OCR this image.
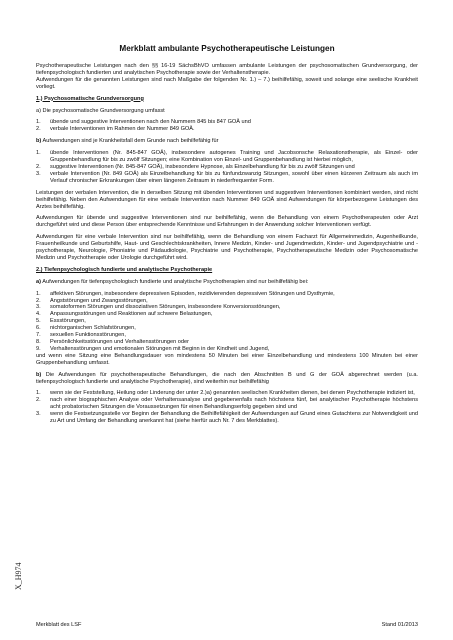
X_H974
Merkblatt ambulante Psychotherapeutische Leistungen

Psychotherapeutische Leistungen nach den §§ 16-19 SächsBhVO umfassen ambulante Leistungen der psychosomatischen Grundversorgung, der tiefenpsychologisch fundierten und analytischen Psychotherapie sowie der Verhaltenstherapie.

Aufwendungen für die genannten Leistungen sind nach Maßgabe der folgenden Nr. 1.) – 7.) beihilfefähig, soweit und solange eine seelische Krankheit vorliegt.

1.) Psychosomatische Grundversorgung

a) Die psychosomatische Grundversorgung umfasst

1.	übende und suggestive Interventionen nach den Nummern 845 bis 847 GOÄ und
2.	verbale Interventionen im Rahmen der Nummer 849 GOÄ.

b) Aufwendungen sind je Krankheitsfall dem Grunde nach beihilfefähig für

1.	übende Interventionen (Nr. 845-847 GOÄ), insbesondere autogenes Training und Jacobsonsche Relaxationstherapie, als Einzel- oder Gruppenbehandlung für bis zu zwölf Sitzungen; eine Kombination von Einzel- und Gruppenbehandlung ist hierbei möglich,
2.	suggestive Interventionen (Nr. 845-847 GOÄ), insbesondere Hypnose, als Einzelbehandlung für bis zu zwölf Sitzungen und
3.	verbale Intervention (Nr. 849 GOÄ) als Einzelbehandlung für bis zu fünfundzwanzig Sitzungen, sowohl über einen kürzeren Zeitraum als auch im Verlauf chronischer Erkrankungen über einen längeren Zeitraum in niederfrequenter Form.

Leistungen der verbalen Intervention, die in derselben Sitzung mit übenden Interventionen und suggestiven Interventionen kombiniert werden, sind nicht beihilfefähig. Neben den Aufwendungen für eine verbale Intervention nach Nummer 849 GOÄ sind Aufwendungen für körperbezogene Leistungen des Arztes beihilfefähig.

Aufwendungen für übende und suggestive Interventionen sind nur beihilfefähig, wenn die Behandlung von einem Psychotherapeuten oder Arzt durchgeführt wird und diese Person über entsprechende Kenntnisse und Erfahrungen in der Anwendung solcher Interventionen verfügt.

Aufwendungen für eine verbale Intervention sind nur beihilfefähig, wenn die Behandlung von einem Facharzt für Allgemeinmedizin, Augenheilkunde, Frauenheilkunde und Geburtshilfe, Haut- und Geschlechtskrankheiten, Innere Medizin, Kinder- und Jugendmedizin, Kinder- und Jugendpsychiatrie und -psychotherapie, Neurologie, Phoniatrie und Pädaudiologie, Psychiatrie und Psychotherapie, Psychotherapeutische Medizin oder Psychosomatische Medizin und Psychotherapie oder Urologie durchgeführt wird.

2.) Tiefenpsychologisch fundierte und analytische Psychotherapie

a) Aufwendungen für tiefenpsychologisch fundierte und analytische Psychotherapien sind nur beihilfefähig bei:

1.	affektiven Störungen, insbesondere depressiven Episoden, rezidivierenden depressiven Störungen und Dysthymie,
2.	Angststörungen und Zwangsstörungen,
3.	somatoformen Störungen und dissoziativen Störungen, insbesondere Konversionsstörungen,
4.	Anpassungsstörungen und Reaktionen auf schwere Belastungen,
5.	Essstörungen,
6.	nichtorganischen Schlafstörungen,
7.	sexuellen Funktionsstörungen,
8.	Persönlichkeitsstörungen und Verhaltensstörungen oder
9.	Verhaltensstörungen und emotionalen Störungen mit Beginn in der Kindheit und Jugend,

und wenn eine Sitzung eine Behandlungsdauer von mindestens 50 Minuten bei einer Einzelbehandlung und mindestens 100 Minuten bei einer Gruppenbehandlung umfasst.

b) Die Aufwendungen für psychotherapeutische Behandlungen, die nach den Abschnitten B und G der GOÄ abgerechnet werden (u.a. tiefenpsychologisch fundierte und analytische Psychotherapie), sind weiterhin nur beihilfefähig

1.	wenn sie der Feststellung, Heilung oder Linderung der unter 2.)a) genannten seelischen Krankheiten dienen, bei denen Psychotherapie indiziert ist,
2.	nach einer biographischen Analyse oder Verhaltensanalyse und gegebenenfalls nach höchstens fünf, bei analytischer Psychotherapie höchstens acht probatorischen Sitzungen die Voraussetzungen für einen Behandlungserfolg gegeben sind und
3.	wenn die Festsetzungsstelle vor Beginn der Behandlung die Beihilfefähigkeit der Aufwendungen auf Grund eines Gutachtens zur Notwendigkeit und zu Art und Umfang der Behandlung anerkannt hat (siehe hierfür auch Nr. 7 des Merkblattes).
Merkblatt des LSF	Stand 01/2013
